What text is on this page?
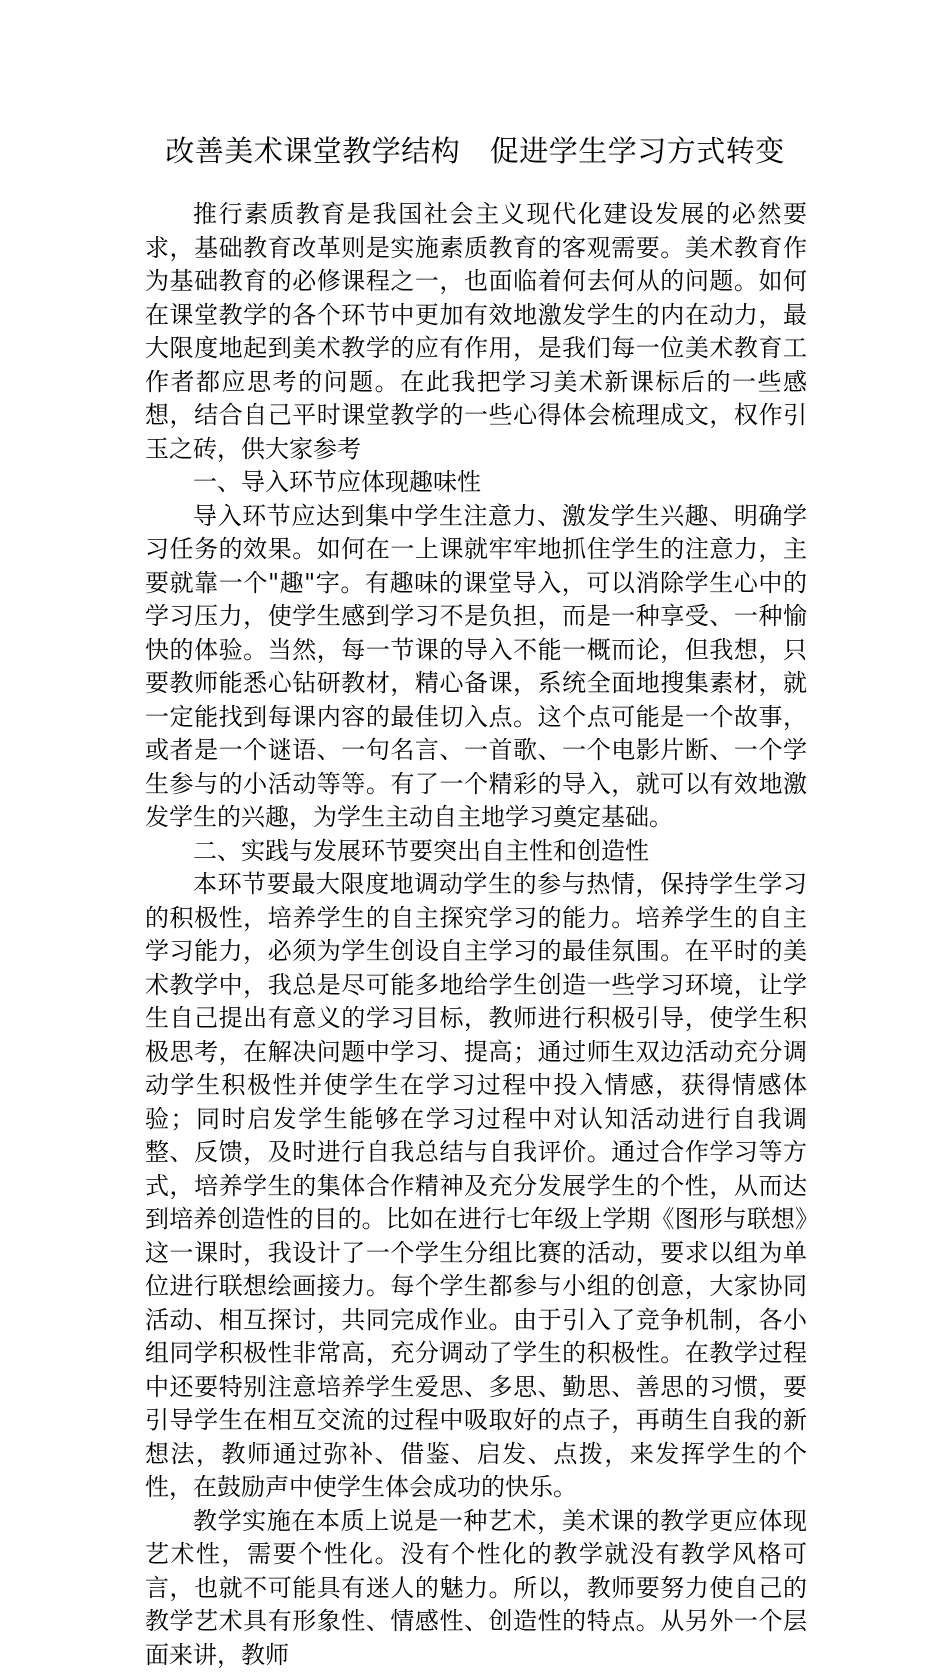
改善美术课堂教学结构　促进学生学习方式转变

推行素质教育是我国社会主义现代化建设发展的必然要求，基础教育改革则是实施素质教育的客观需要。美术教育作为基础教育的必修课程之一，也面临着何去何从的问题。如何在课堂教学的各个环节中更加有效地激发学生的内在动力，最大限度地起到美术教学的应有作用，是我们每一位美术教育工作者都应思考的问题。在此我把学习美术新课标后的一些感想，结合自己平时课堂教学的一些心得体会梳理成文，权作引玉之砖，供大家参考

一、导入环节应体现趣味性

导入环节应达到集中学生注意力、激发学生兴趣、明确学习任务的效果。如何在一上课就牢牢地抓住学生的注意力，主要就靠一个"趣"字。有趣味的课堂导入，可以消除学生心中的学习压力，使学生感到学习不是负担，而是一种享受、一种愉快的体验。当然，每一节课的导入不能一概而论，但我想，只要教师能悉心钻研教材，精心备课，系统全面地搜集素材，就一定能找到每课内容的最佳切入点。这个点可能是一个故事，或者是一个谜语、一句名言、一首歌、一个电影片断、一个学生参与的小活动等等。有了一个精彩的导入，就可以有效地激发学生的兴趣，为学生主动自主地学习奠定基础。

二、实践与发展环节要突出自主性和创造性

本环节要最大限度地调动学生的参与热情，保持学生学习的积极性，培养学生的自主探究学习的能力。培养学生的自主学习能力，必须为学生创设自主学习的最佳氛围。在平时的美术教学中，我总是尽可能多地给学生创造一些学习环境，让学生自己提出有意义的学习目标，教师进行积极引导，使学生积极思考，在解决问题中学习、提高；通过师生双边活动充分调动学生积极性并使学生在学习过程中投入情感，获得情感体验；同时启发学生能够在学习过程中对认知活动进行自我调整、反馈，及时进行自我总结与自我评价。通过合作学习等方式，培养学生的集体合作精神及充分发展学生的个性，从而达到培养创造性的目的。比如在进行七年级上学期《图形与联想》这一课时，我设计了一个学生分组比赛的活动，要求以组为单位进行联想绘画接力。每个学生都参与小组的创意，大家协同活动、相互探讨，共同完成作业。由于引入了竞争机制，各小组同学积极性非常高，充分调动了学生的积极性。在教学过程中还要特别注意培养学生爱思、多思、勤思、善思的习惯，要引导学生在相互交流的过程中吸取好的点子，再萌生自我的新想法，教师通过弥补、借鉴、启发、点拨，来发挥学生的个性，在鼓励声中使学生体会成功的快乐。

教学实施在本质上说是一种艺术，美术课的教学更应体现艺术性，需要个性化。没有个性化的教学就没有教学风格可言，也就不可能具有迷人的魅力。所以，教师要努力使自己的教学艺术具有形象性、情感性、创造性的特点。从另外一个层面来讲，教师
